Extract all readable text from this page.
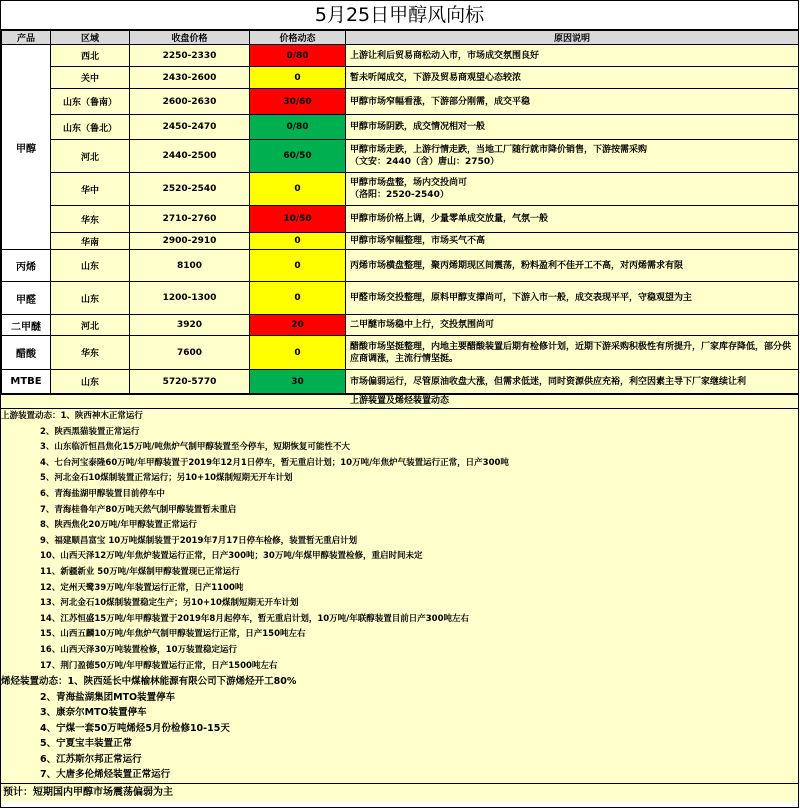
5月25日甲醇风向标
产品	区域	收盘价格	价格动态	原因说明
甲醇	西北	2250-2330	0/80	上游让利后贸易商松动入市，市场成交氛围良好

	关中	2430-2600	0	暂未听闻成交，下游及贸易商观望心态较浓

	山东（鲁南）	2600-2630	30/60	甲醇市场窄幅看涨，下游部分刚需，成交平稳

	山东（鲁北）	2450-2470	0/80	甲醇市场阴跌，成交情况相对一般

	河北	2440-2500	60/50	甲醇市场走跌，上游行情走跌，当地工厂随行就市降价销售，下游按需采购
（文安：2440（含）唐山：2750）

	华中	2520-2540	0	甲醇市场盘整，场内交投尚可
（洛阳：2520-2540）

	华东	2710-2760	10/50	甲醇市场价格上调，少量零单成交放量，气氛一般

	华南	2900-2910	0	甲醇市场窄幅整理，市场买气不高

丙烯	山东	8100	0	丙烯市场横盘整理，聚丙烯期现区间震荡，粉料盈利不佳开工不高，对丙烯需求有限

甲醛	山东	1200-1300	0	甲醛市场交投整理，原料甲醇支撑尚可，下游入市一般，成交表现平平，守稳观望为主

二甲醚	河北	3920	20	二甲醚市场稳中上行，交投氛围尚可

醋酸	华东	7600	0	醋酸市场坚挺整理，内地主要醋酸装置后期有检修计划，近期下游采购积极性有所提升，厂家库存降低，部分供应商调涨，主流行情坚挺。

MTBE	山东	5720-5770	30	市场偏弱运行，尽管原油收盘大涨，但需求低迷，同时资源供应充裕，利空因素主导下厂家继续让利
上游装置及烯烃装置动态
上游装置动态：1、陕西神木正常运行
2、陕西黑猫装置正常运行
3、山东临沂恒昌焦化15万吨/吨焦炉气制甲醇装置至今停车，短期恢复可能性不大
4、七台河宝泰隆60万吨/年甲醇装置于2019年12月1日停车，暂无重启计划；10万吨/年焦炉气装置运行正常，日产300吨
5、河北金石10煤制装置正常运行；另10+10煤制短期无开车计划
6、青海盐湖甲醇装置目前停车中
7、青海桂鲁年产80万吨天然气制甲醇装置暂未重启
8、陕西焦化20万吨/年甲醇装置正常运行
9、福建顺昌富宝 10万吨煤制装置于2019年7月17日停车检修，装置暂无重启计划
10、山西天泽12万吨/年焦炉装置运行正常，日产300吨；30万吨/年煤甲醇装置检修，重启时间未定
11、新疆新业 50万吨/年煤制甲醇装置现已正常运行
12、定州天鹭39万吨/年装置运行正常，日产1100吨
13、河北金石10煤制装置稳定生产；另10+10煤制短期无开车计划
14、江苏恒盛15万吨/年甲醇装置于2019年8月起停车，暂无重启计划，10万吨/年联醇装置目前日产300吨左右
15、山西五麟10万吨/年焦炉气制甲醇装置运行正常，日产150吨左右
16、山西天泽30万吨装置检修，10万装置稳定运行
17、荆门盈德50万吨/年甲醇装置运行正常，日产1500吨左右
烯烃装置动态：1、陕西延长中煤榆林能源有限公司下游烯烃开工80%
2、青海盐湖集团MTO装置停车
3、康奈尔MTO装置停车
4、宁煤一套50万吨烯烃5月份检修10-15天
5、宁夏宝丰装置正常
6、江苏斯尔邦正常运行
7、大唐多伦烯烃装置正常运行
预计：短期国内甲醇市场震荡偏弱为主
